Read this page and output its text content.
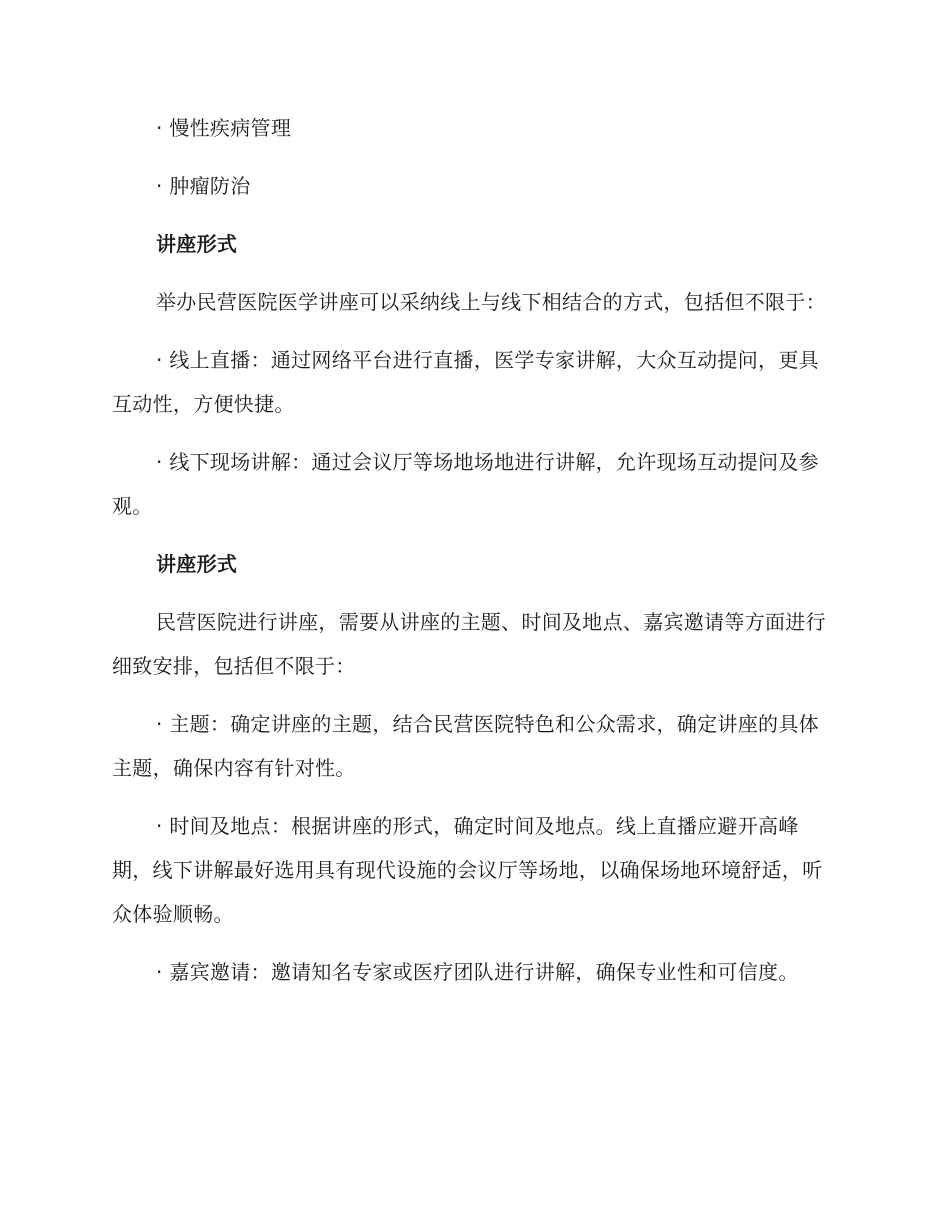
· 慢性疾病管理

· 肿瘤防治

讲座形式

举办民营医院医学讲座可以采纳线上与线下相结合的方式，包括但不限于：

· 线上直播：通过网络平台进行直播，医学专家讲解，大众互动提问，更具互动性，方便快捷。

· 线下现场讲解：通过会议厅等场地场地进行讲解，允许现场互动提问及参观。

讲座形式

民营医院进行讲座，需要从讲座的主题、时间及地点、嘉宾邀请等方面进行细致安排，包括但不限于：

· 主题：确定讲座的主题，结合民营医院特色和公众需求，确定讲座的具体主题，确保内容有针对性。

· 时间及地点：根据讲座的形式，确定时间及地点。线上直播应避开高峰期，线下讲解最好选用具有现代设施的会议厅等场地，以确保场地环境舒适，听众体验顺畅。

· 嘉宾邀请：邀请知名专家或医疗团队进行讲解，确保专业性和可信度。
